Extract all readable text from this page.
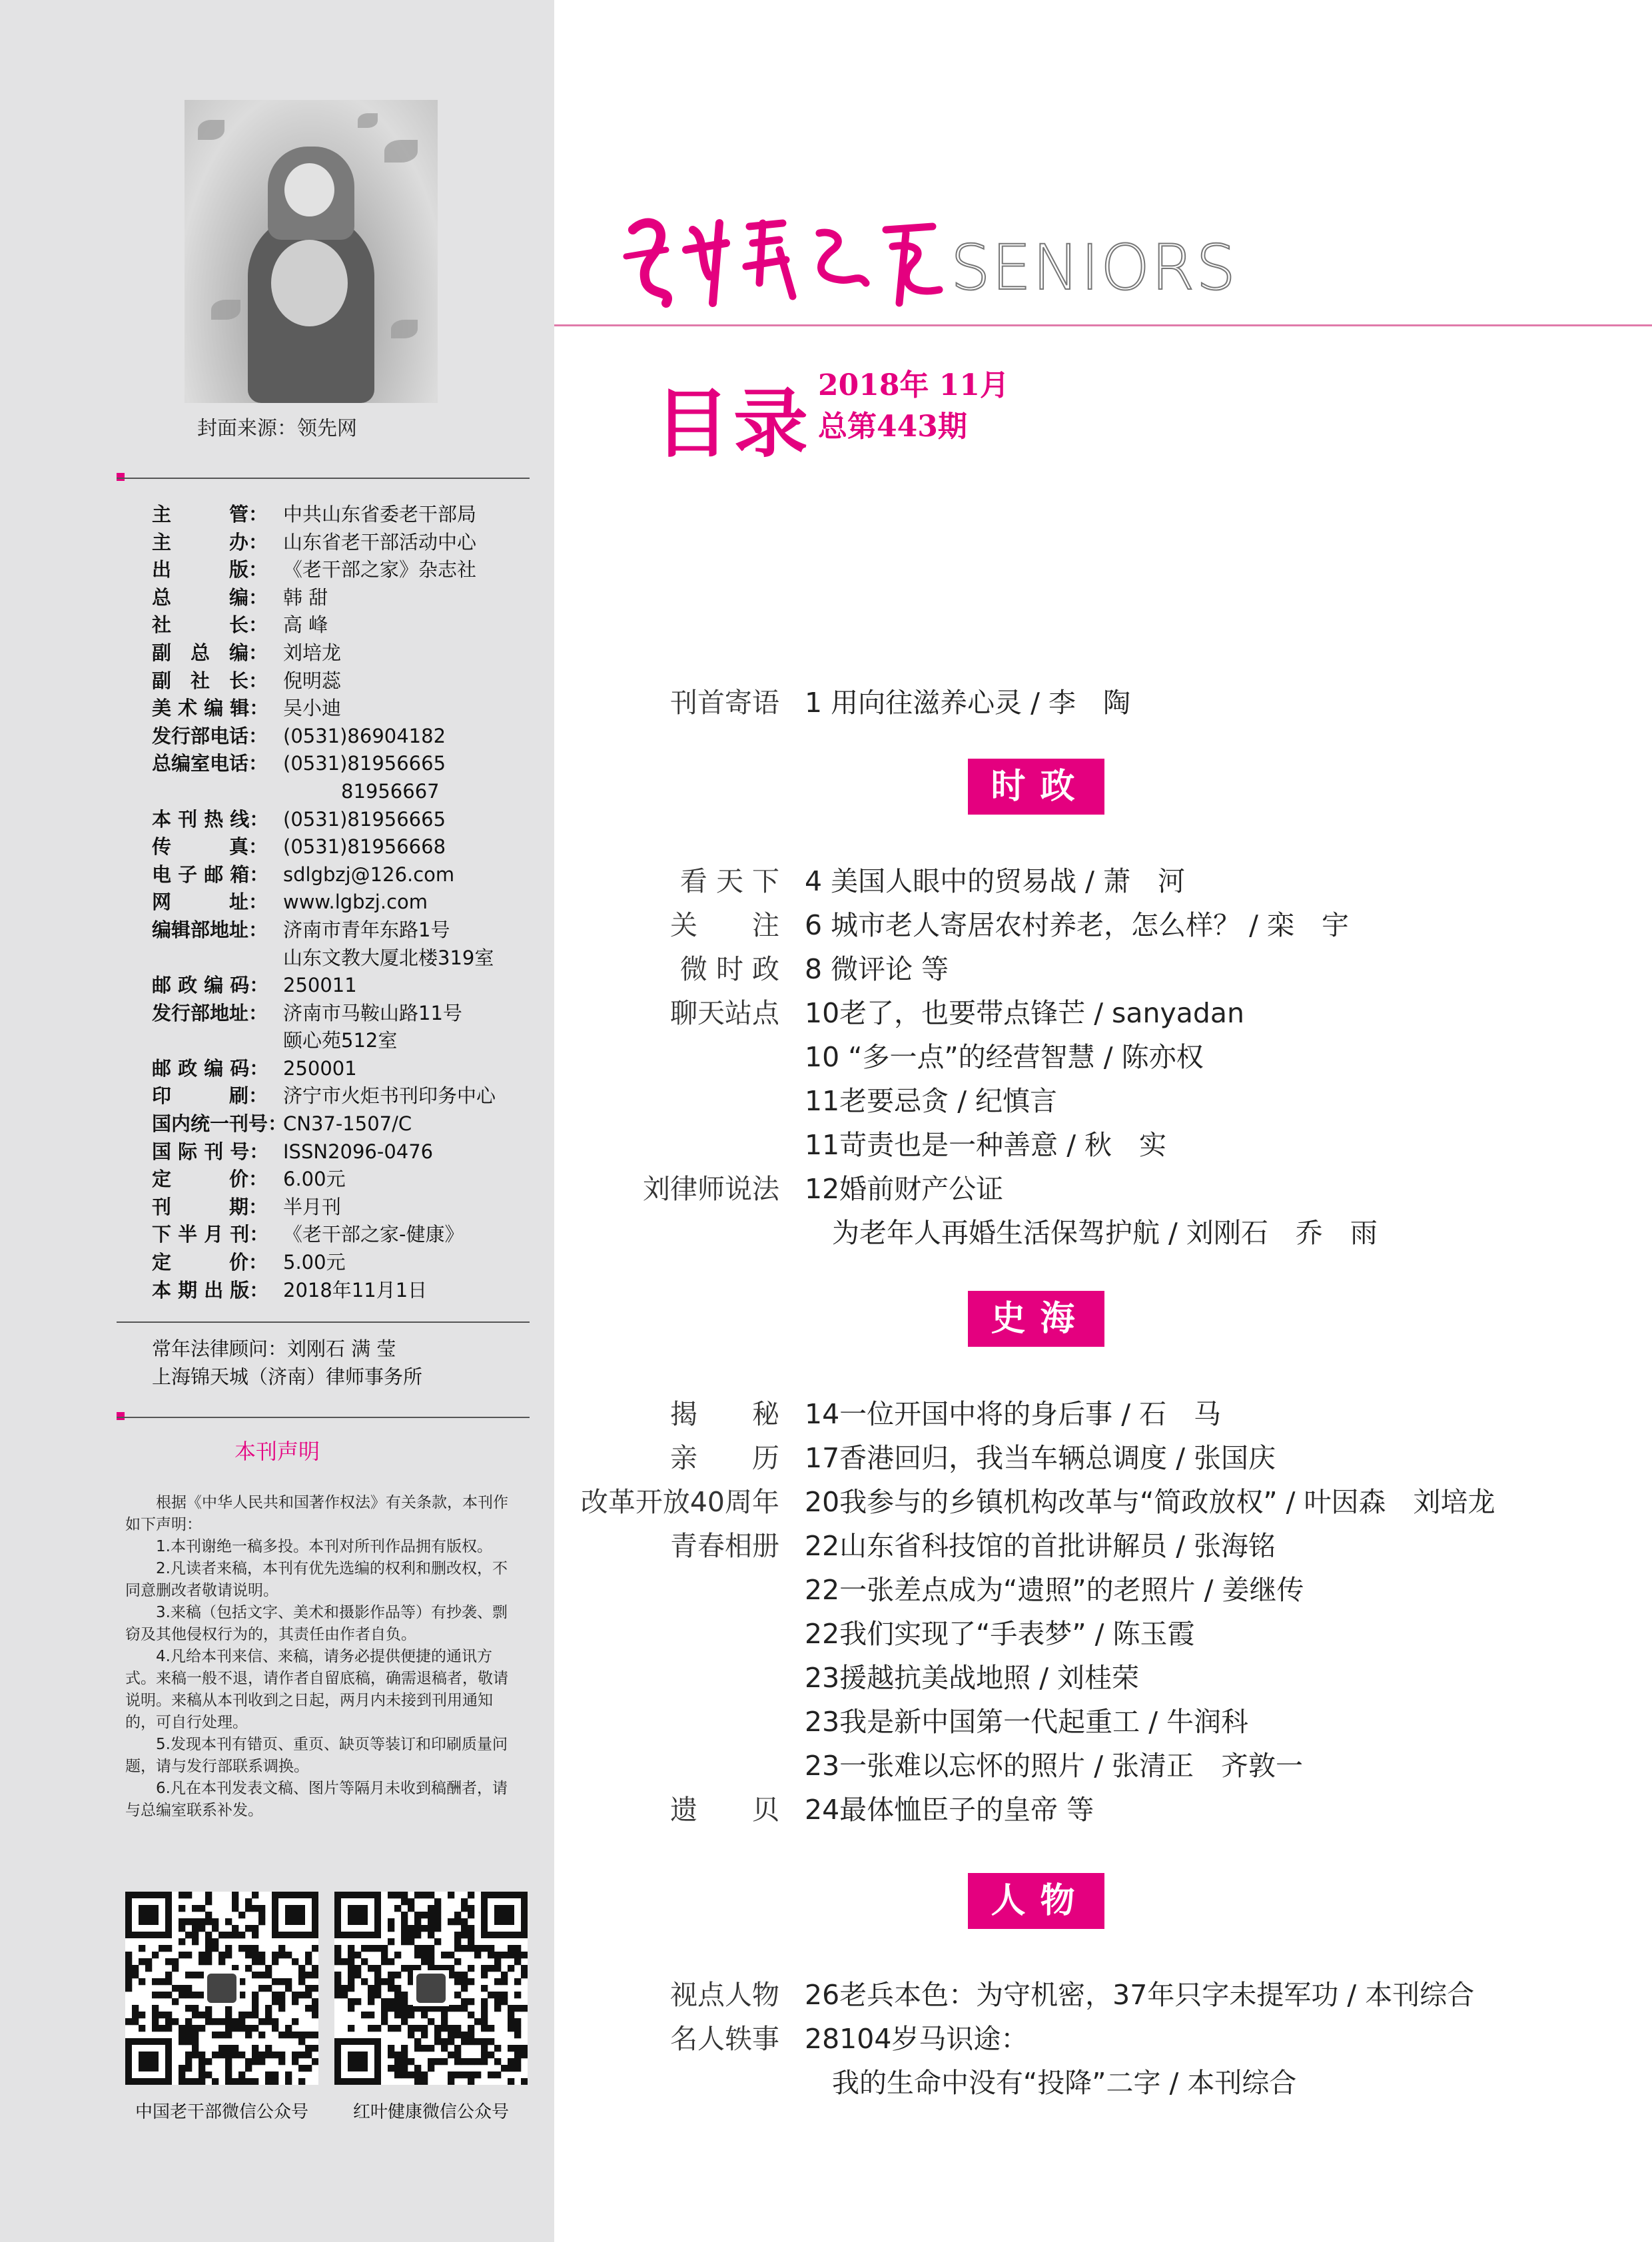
封面来源：领先网
主　　　管： 中共山东省委老干部局
主　　　办： 山东省老干部活动中心
出　　　版： 《老干部之家》杂志社
总　　　编： 韩 甜
社　　　长： 高 峰
副　总　编： 刘培龙
副　社　长： 倪明蕊
美 术 编 辑： 吴小迪
发行部电话： (0531)86904182
总编室电话： (0531)81956665
　　　81956667
本 刊 热 线： (0531)81956665
传　　　真： (0531)81956668
电 子 邮 箱： sdlgbzj@126.com
网　　　址： www.lgbzj.com
编辑部地址： 济南市青年东路1号
山东文教大厦北楼319室
邮 政 编 码： 250011
发行部地址： 济南市马鞍山路11号
颐心苑512室
邮 政 编 码： 250001
印　　　刷： 济宁市火炬书刊印务中心
国内统一刊号：
CN37-1507/C
国 际 刊 号： ISSN2096-0476
定　　　价： 6.00元
刊　　　期： 半月刊
下 半 月 刊： 《老干部之家-健康》
定　　　价： 5.00元
本 期 出 版： 2018年11月1日
常年法律顾问：刘刚石 满 莹
上海锦天城（济南）律师事务所
本刊声明

　　根据《中华人民共和国著作权法》有关条款，本刊作如下声明：

　　1.本刊谢绝一稿多投。本刊对所刊作品拥有版权。

　　2.凡读者来稿，本刊有优先选编的权利和删改权，不同意删改者敬请说明。

　　3.来稿（包括文字、美术和摄影作品等）有抄袭、剽窃及其他侵权行为的，其责任由作者自负。

　　4.凡给本刊来信、来稿，请务必提供便捷的通讯方式。来稿一般不退，请作者自留底稿，确需退稿者，敬请说明。来稿从本刊收到之日起，两月内未接到刊用通知的，可自行处理。

　　5.发现本刊有错页、重页、缺页等装订和印刷质量问题，请与发行部联系调换。

　　6.凡在本刊发表文稿、图片等隔月未收到稿酬者，请与总编室联系补发。

中国老干部微信公众号	红叶健康微信公众号
SENIORS
目录 2018年 11月
总第443期
刊首寄语 1 用向往滋养心灵 / 李　陶
时政
看 天 下 4 美国人眼中的贸易战 / 萧　河
关　　注 6 城市老人寄居农村养老，怎么样？ / 栾　宇
微 时 政 8 微评论 等
聊天站点 10老了，也要带点锋芒 / sanyadan
10 “多一点”的经营智慧 / 陈亦权
11老要忌贪 / 纪慎言
11苛责也是一种善意 / 秋　实
刘律师说法 12婚前财产公证
　为老年人再婚生活保驾护航 / 刘刚石　乔　雨
史海
揭　　秘 14一位开国中将的身后事 / 石　马
亲　　历 17香港回归，我当车辆总调度 / 张国庆
改革开放40周年 20我参与的乡镇机构改革与“简政放权” / 叶因森　刘培龙
青春相册 22山东省科技馆的首批讲解员 / 张海铭
22一张差点成为“遗照”的老照片 / 姜继传
22我们实现了“手表梦” / 陈玉霞
23援越抗美战地照 / 刘桂荣
23我是新中国第一代起重工 / 牛润科
23一张难以忘怀的照片 / 张清正　齐敦一
遗　　贝 24最体恤臣子的皇帝 等
人物
视点人物 26老兵本色：为守机密，37年只字未提军功 / 本刊综合
名人轶事 28104岁马识途：
　我的生命中没有“投降”二字 / 本刊综合
